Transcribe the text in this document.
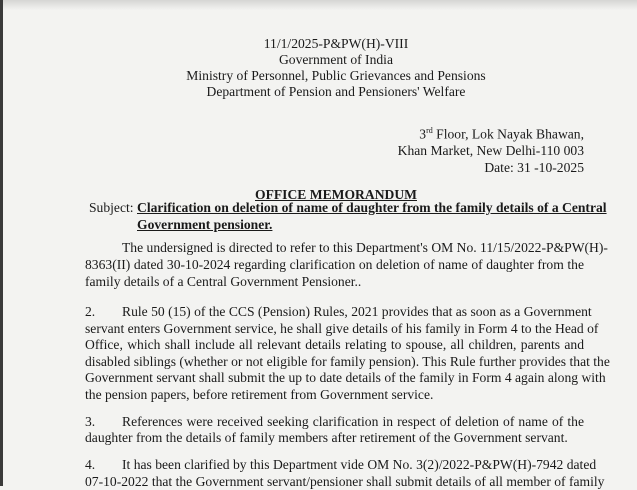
11/1/2025-P&PW(H)-VIII
Government of India
Ministry of Personnel, Public Grievances and Pensions
Department of Pension and Pensioners' Welfare
3rd Floor, Lok Nayak Bhawan,
Khan Market, New Delhi-110 003
Date: 31 -10-2025
OFFICE MEMORANDUM
Subject: Clarification on deletion of name of daughter from the family details of a Central
Government pensioner.
The undersigned is directed to refer to this Department's OM No. 11/15/2022-P&PW(H)-
8363(II) dated 30-10-2024 regarding clarification on deletion of name of daughter from the
family details of a Central Government Pensioner..
2. Rule 50 (15) of the CCS (Pension) Rules, 2021 provides that as soon as a Government
servant enters Government service, he shall give details of his family in Form 4 to the Head of
Office, which shall include all relevant details relating to spouse, all children, parents and
disabled siblings (whether or not eligible for family pension). This Rule further provides that the
Government servant shall submit the up to date details of the family in Form 4 again along with
the pension papers, before retirement from Government service.
3. References were received seeking clarification in respect of deletion of name of the
daughter from the details of family members after retirement of the Government servant.
4. It has been clarified by this Department vide OM No. 3(2)/2022-P&PW(H)-7942 dated
07-10-2022 that the Government servant/pensioner shall submit details of all member of family
